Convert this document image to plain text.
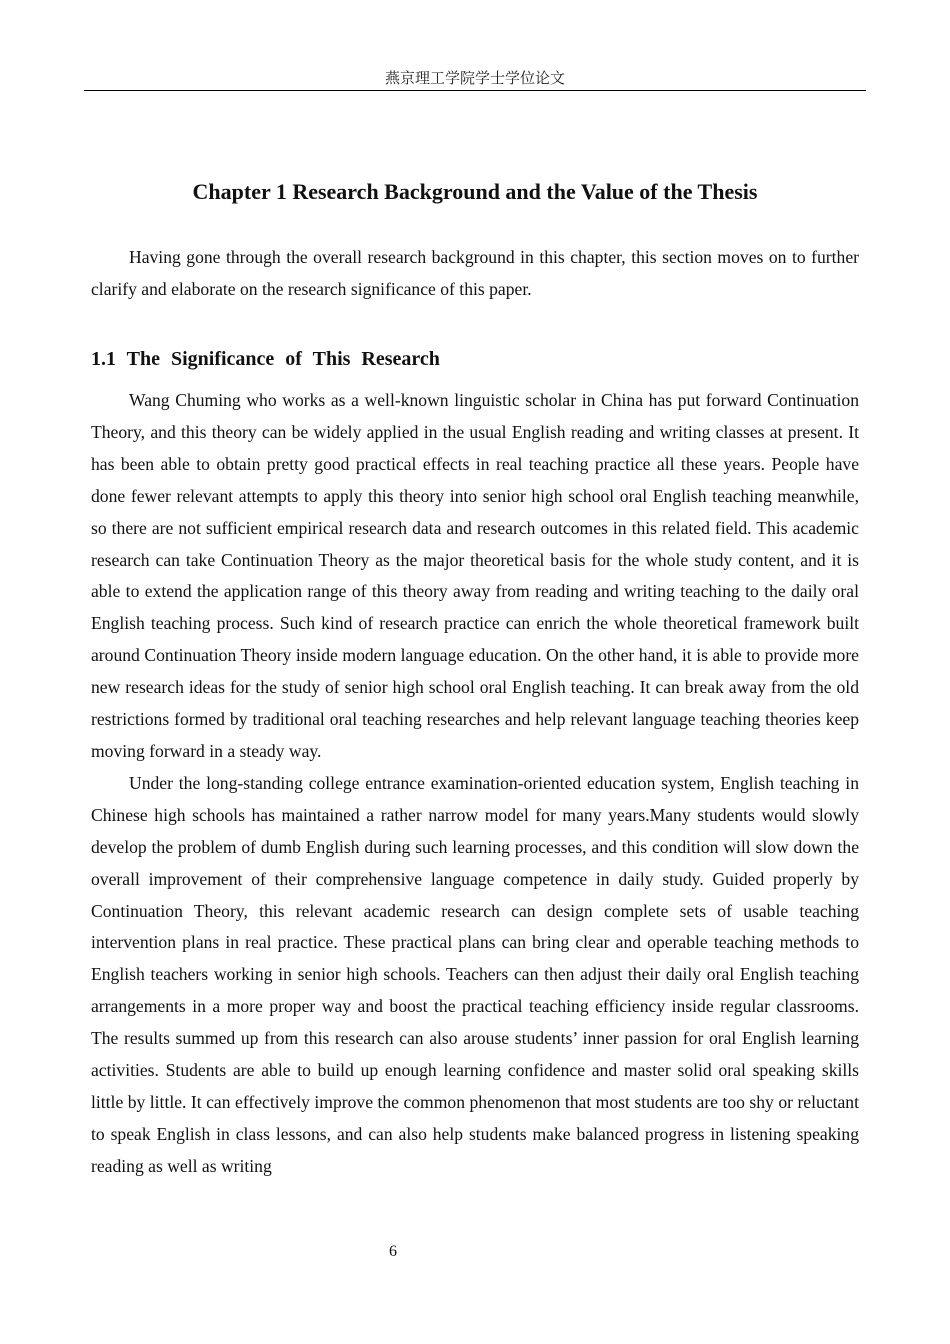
燕京理工学院学士学位论文
Chapter 1 Research Background and the Value of the Thesis

Having gone through the overall research background in this chapter, this section moves on to further clarify and elaborate on the research significance of this paper.

1.1 The Significance of This Research

Wang Chuming who works as a well-known linguistic scholar in China has put forward Continuation Theory, and this theory can be widely applied in the usual English reading and writing classes at present. It has been able to obtain pretty good practical effects in real teaching practice all these years. People have done fewer relevant attempts to apply this theory into senior high school oral English teaching meanwhile, so there are not sufficient empirical research data and research outcomes in this related field. This academic research can take Continuation Theory as the major theoretical basis for the whole study content, and it is able to extend the application range of this theory away from reading and writing teaching to the daily oral English teaching process. Such kind of research practice can enrich the whole theoretical framework built around Continuation Theory inside modern language education. On the other hand, it is able to provide more new research ideas for the study of senior high school oral English teaching. It can break away from the old restrictions formed by traditional oral teaching researches and help relevant language teaching theories keep moving forward in a steady way.

Under the long-standing college entrance examination-oriented education system, English teaching in Chinese high schools has maintained a rather narrow model for many years.Many students would slowly develop the problem of dumb English during such learning processes, and this condition will slow down the overall improvement of their comprehensive language competence in daily study. Guided properly by Continuation Theory, this relevant academic research can design complete sets of usable teaching intervention plans in real practice. These practical plans can bring clear and operable teaching methods to English teachers working in senior high schools. Teachers can then adjust their daily oral English teaching arrangements in a more proper way and boost the practical teaching efficiency inside regular classrooms. The results summed up from this research can also arouse students’ inner passion for oral English learning activities. Students are able to build up enough learning confidence and master solid oral speaking skills little by little. It can effectively improve the common phenomenon that most students are too shy or reluctant to speak English in class lessons, and can also help students make balanced progress in listening speaking reading as well as writing

6
